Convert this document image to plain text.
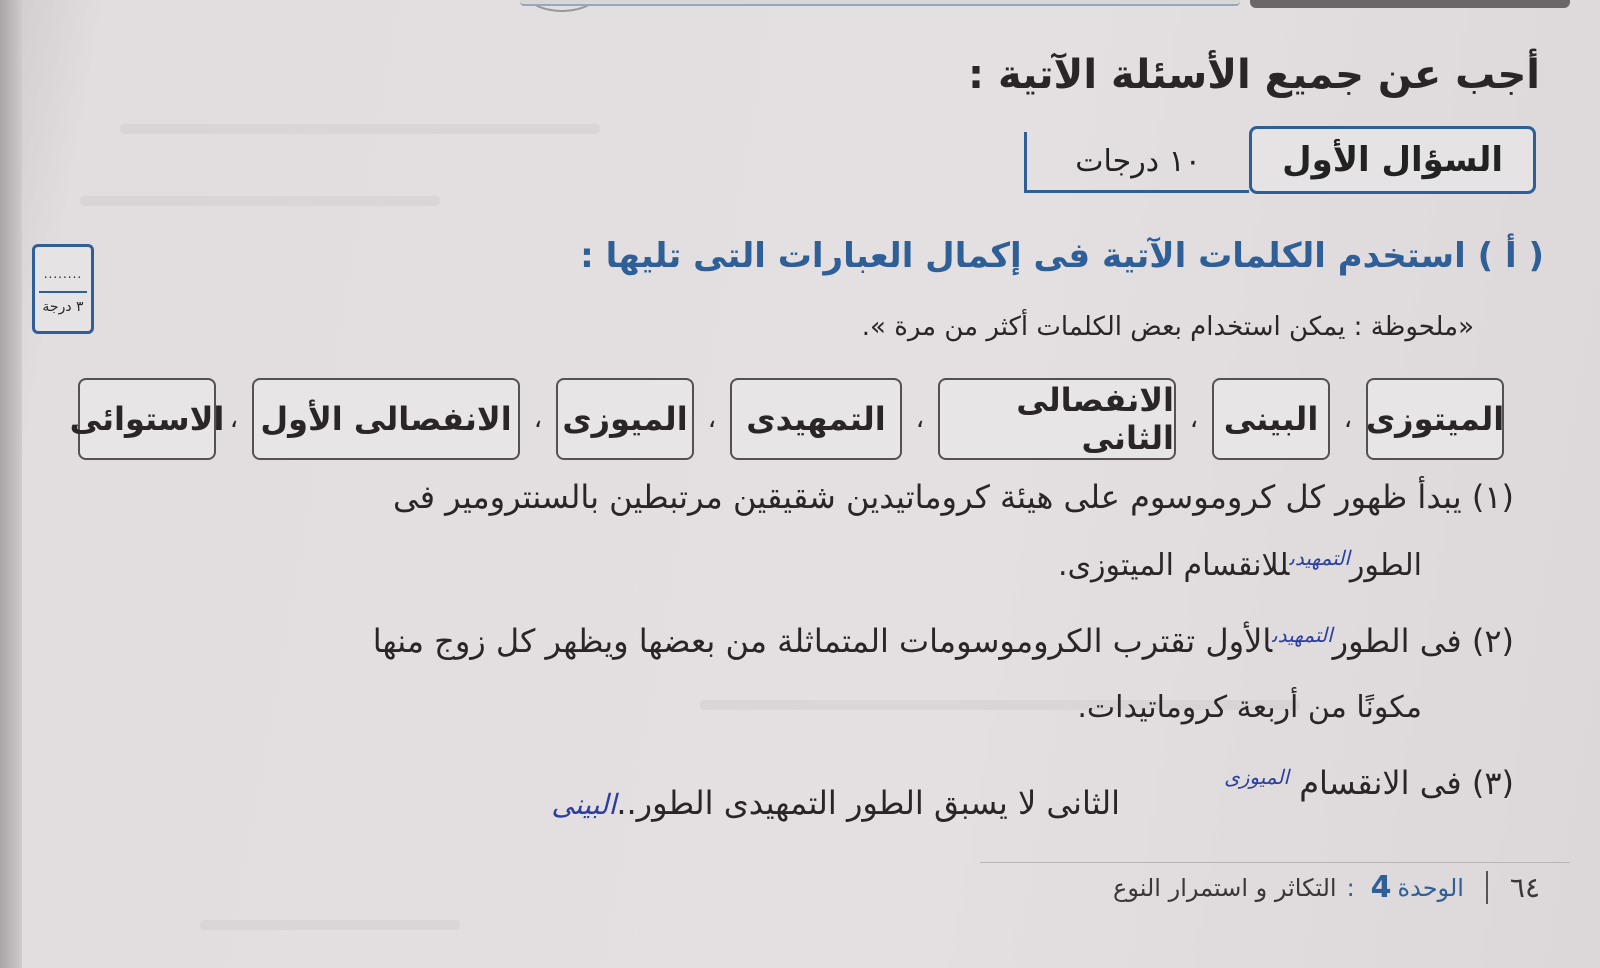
أجب عن جميع الأسئلة الآتية :
السؤال الأول
١٠ درجات
( أ ) استخدم الكلمات الآتية فى إكمال العبارات التى تليها :
........
٣ درجة
«ملحوظة : يمكن استخدام بعض الكلمات أكثر من مرة ».
الميتوزى
،
البينى
،
الانفصالى الثانى
،
التمهيدى
،
الميوزى
،
الانفصالى الأول
،
الاستوائى
(١) يبدأ ظهور كل كروموسوم على هيئة كروماتيدين شقيقين مرتبطين بالسنترومير فى
الطور$^{التمهيدى}$للانقسام الميتوزى.
(٢) فى الطور$^{التمهيدى}$الأول تقترب الكروموسومات المتماثلة من بعضها ويظهر كل زوج منها
مكونًا من أربعة كروماتيدات.
(٣) فى الانقسام $^{الميوزى}$
الثانى لا يسبق الطور التمهيدى الطور..البينى
٦٤
الوحدة
4
:
التكاثر و استمرار النوع
